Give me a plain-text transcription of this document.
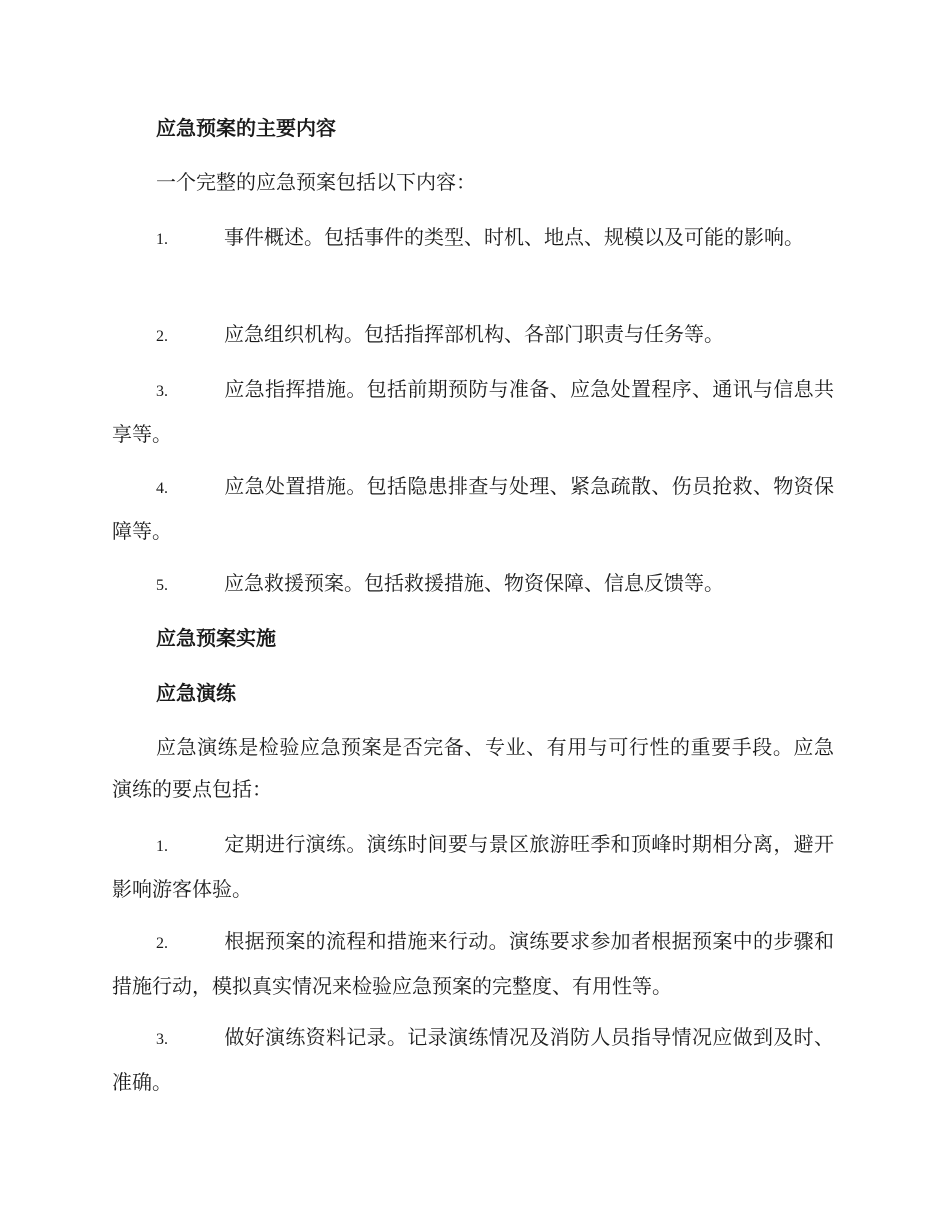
应急预案的主要内容
一个完整的应急预案包括以下内容：
1.	事件概述。包括事件的类型、时机、地点、规模以及可能的影响。
2.	应急组织机构。包括指挥部机构、各部门职责与任务等。
3.	应急指挥措施。包括前期预防与准备、应急处置程序、通讯与信息共享等。
4.	应急处置措施。包括隐患排查与处理、紧急疏散、伤员抢救、物资保障等。
5.	应急救援预案。包括救援措施、物资保障、信息反馈等。
应急预案实施
应急演练
应急演练是检验应急预案是否完备、专业、有用与可行性的重要手段。应急演练的要点包括：
1.	定期进行演练。演练时间要与景区旅游旺季和顶峰时期相分离，避开影响游客体验。
2.	根据预案的流程和措施来行动。演练要求参加者根据预案中的步骤和措施行动，模拟真实情况来检验应急预案的完整度、有用性等。
3.	做好演练资料记录。记录演练情况及消防人员指导情况应做到及时、准确。
